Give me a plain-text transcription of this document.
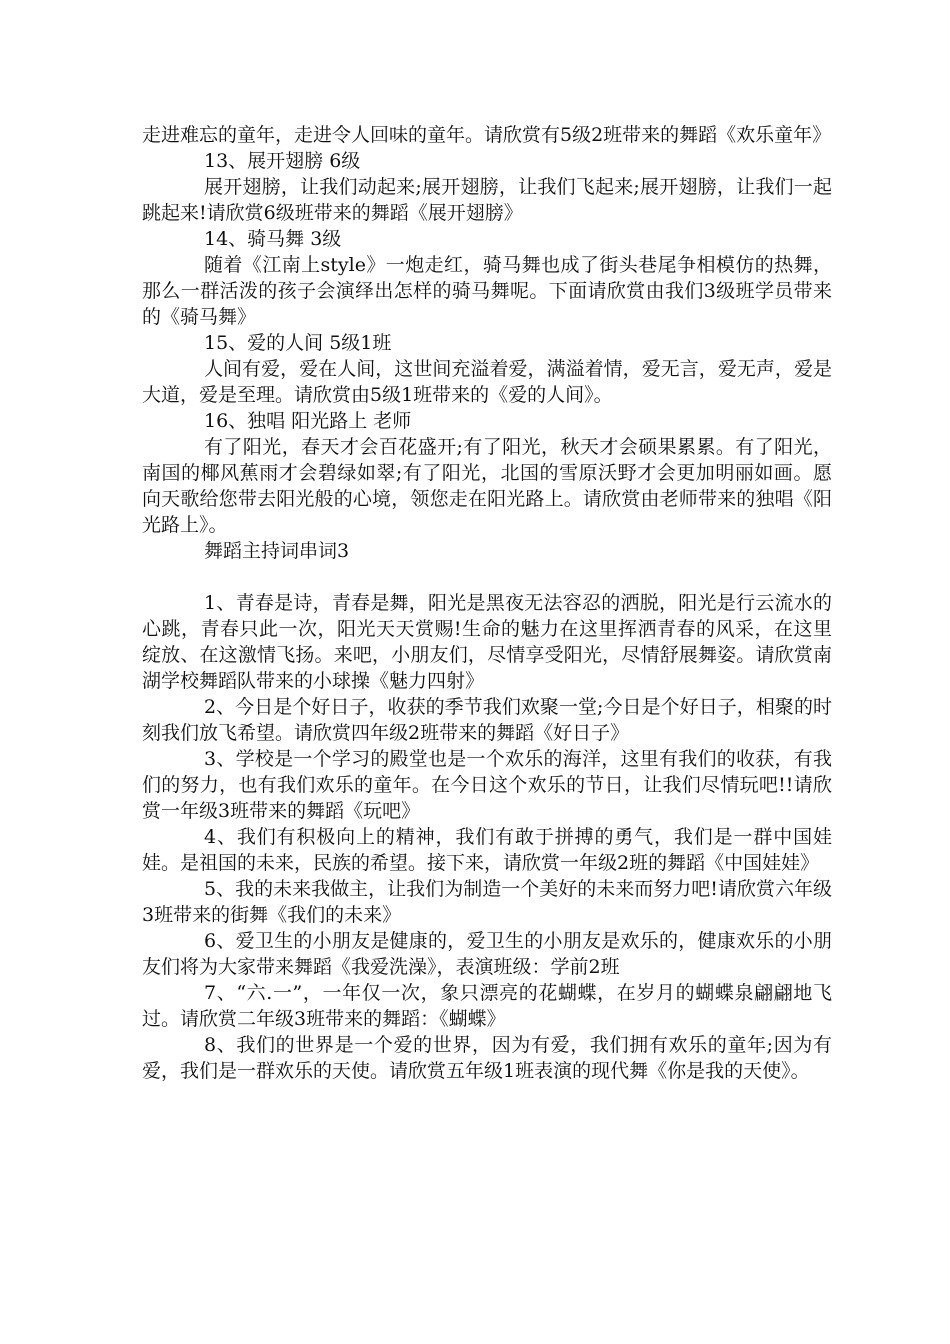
走进难忘的童年，走进令人回味的童年。请欣赏有5级2班带来的舞蹈《欢乐童年》

13、展开翅膀 6级

展开翅膀，让我们动起来;展开翅膀，让我们飞起来;展开翅膀，让我们一起跳起来!请欣赏6级班带来的舞蹈《展开翅膀》

14、骑马舞 3级

随着《江南上style》一炮走红，骑马舞也成了街头巷尾争相模仿的热舞，那么一群活泼的孩子会演绎出怎样的骑马舞呢。下面请欣赏由我们3级班学员带来的《骑马舞》

15、爱的人间 5级1班

人间有爱，爱在人间，这世间充溢着爱，满溢着情，爱无言，爱无声，爱是大道，爱是至理。请欣赏由5级1班带来的《爱的人间》。

16、独唱 阳光路上 老师

有了阳光，春天才会百花盛开;有了阳光，秋天才会硕果累累。有了阳光，南国的椰风蕉雨才会碧绿如翠;有了阳光，北国的雪原沃野才会更加明丽如画。愿向天歌给您带去阳光般的心境，领您走在阳光路上。请欣赏由老师带来的独唱《阳光路上》。

舞蹈主持词串词3

1、青春是诗，青春是舞，阳光是黑夜无法容忍的洒脱，阳光是行云流水的心跳，青春只此一次，阳光天天赏赐!生命的魅力在这里挥洒青春的风采，在这里绽放、在这激情飞扬。来吧，小朋友们，尽情享受阳光，尽情舒展舞姿。请欣赏南湖学校舞蹈队带来的小球操《魅力四射》

2、今日是个好日子，收获的季节我们欢聚一堂;今日是个好日子，相聚的时刻我们放飞希望。请欣赏四年级2班带来的舞蹈《好日子》

3、学校是一个学习的殿堂也是一个欢乐的海洋，这里有我们的收获，有我们的努力，也有我们欢乐的童年。在今日这个欢乐的节日，让我们尽情玩吧!!请欣赏一年级3班带来的舞蹈《玩吧》

4、我们有积极向上的精神，我们有敢于拼搏的勇气，我们是一群中国娃娃。是祖国的未来，民族的希望。接下来，请欣赏一年级2班的舞蹈《中国娃娃》

5、我的未来我做主，让我们为制造一个美好的未来而努力吧!请欣赏六年级3班带来的街舞《我们的未来》

6、爱卫生的小朋友是健康的，爱卫生的小朋友是欢乐的，健康欢乐的小朋友们将为大家带来舞蹈《我爱洗澡》，表演班级：学前2班

7、“六.一”，一年仅一次，象只漂亮的花蝴蝶，在岁月的蝴蝶泉翩翩地飞过。请欣赏二年级3班带来的舞蹈：《蝴蝶》

8、我们的世界是一个爱的世界，因为有爱，我们拥有欢乐的童年;因为有爱，我们是一群欢乐的天使。请欣赏五年级1班表演的现代舞《你是我的天使》。
